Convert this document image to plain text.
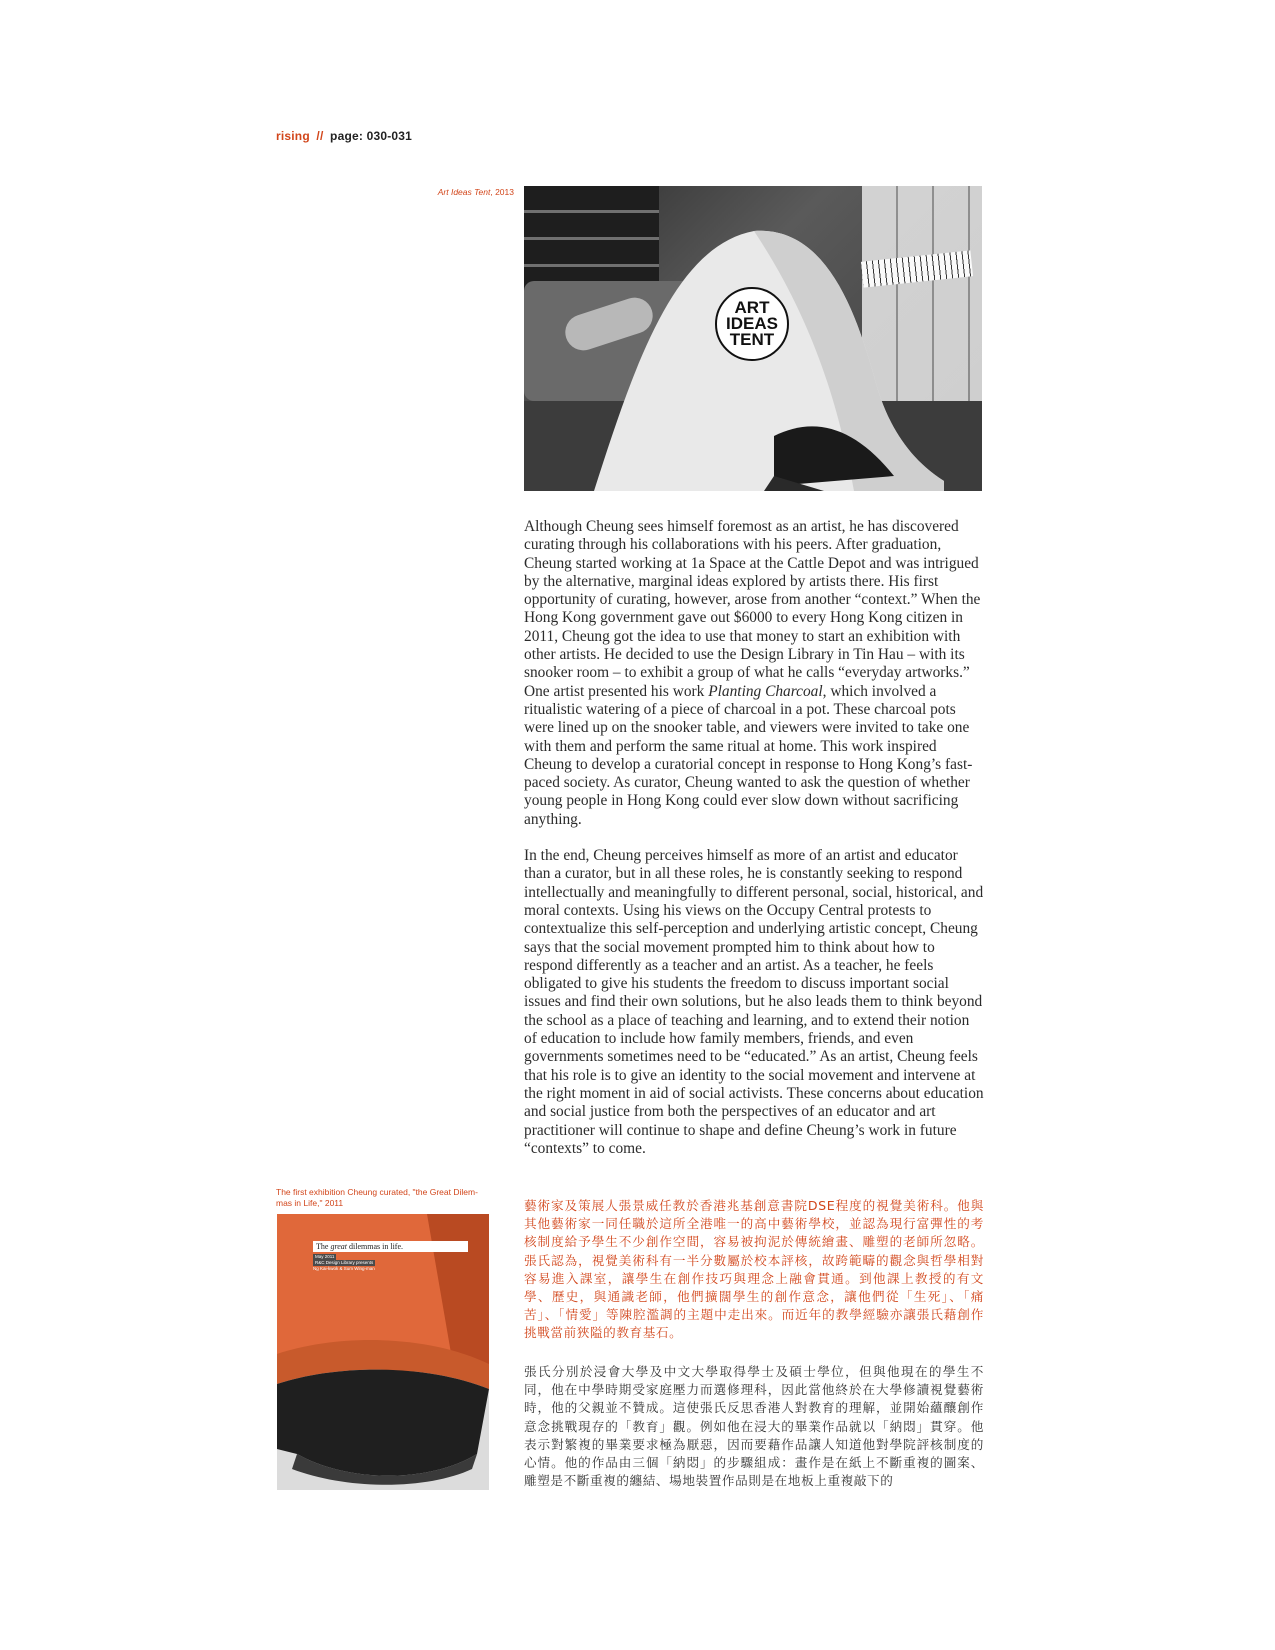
rising // page: 030-031
Art Ideas Tent, 2013
ART
IDEAS
TENT

Although Cheung sees himself foremost as an artist, he has discovered curating through his collaborations with his peers. After graduation, Cheung started working at 1a Space at the Cattle Depot and was intrigued by the alternative, marginal ideas explored by artists there. His first opportunity of curating, however, arose from another “context.” When the Hong Kong government gave out $6000 to every Hong Kong citizen in 2011, Cheung got the idea to use that money to start an exhibition with other artists. He decided to use the Design Library in Tin Hau – with its snooker room – to exhibit a group of what he calls “everyday artworks.” One artist presented his work Planting Charcoal, which involved a ritualistic watering of a piece of charcoal in a pot. These charcoal pots were lined up on the snooker table, and viewers were invited to take one with them and perform the same ritual at home. This work inspired Cheung to develop a curatorial concept in response to Hong Kong’s fast-paced society. As curator, Cheung wanted to ask the question of whether young people in Hong Kong could ever slow down without sacrificing anything.

In the end, Cheung perceives himself as more of an artist and educator than a curator, but in all these roles, he is constantly seeking to respond intellectually and meaningfully to different personal, social, historical, and moral contexts. Using his views on the Occupy Central protests to contextualize this self-perception and underlying artistic concept, Cheung says that the social movement prompted him to think about how to respond differently as a teacher and an artist. As a teacher, he feels obligated to give his students the freedom to discuss important social issues and find their own solutions, but he also leads them to think beyond the school as a place of teaching and learning, and to extend their notion of education to include how family members, friends, and even governments sometimes need to be “educated.” As an artist, Cheung feels that his role is to give an identity to the social movement and intervene at the right moment in aid of social activists. These concerns about education and social justice from both the perspectives of an educator and art practitioner will continue to shape and define Cheung’s work in future “contexts” to come.

The first exhibition Cheung curated, "the Great Dilem-mas in Life," 2011
The great dilemmas in life.
May 2011
R&C Design Library presents
Ng Kai-kwok & Sum Wing-man

藝術家及策展人張景威任教於香港兆基創意書院DSE程度的視覺美術科。他與其他藝術家一同任職於這所全港唯一的高中藝術學校，並認為現行富彈性的考核制度給予學生不少創作空間，容易被拘泥於傳統繪畫、雕塑的老師所忽略。張氏認為，視覺美術科有一半分數屬於校本評核，故跨範疇的觀念與哲學相對容易進入課室，讓學生在創作技巧與理念上融會貫通。到他課上教授的有文學、歷史，與通識老師，他們擴闊學生的創作意念，讓他們從「生死」、「痛苦」、「情愛」等陳腔濫調的主題中走出來。而近年的教學經驗亦讓張氏藉創作挑戰當前狹隘的教育基石。

張氏分別於浸會大學及中文大學取得學士及碩士學位，但與他現在的學生不同，他在中學時期受家庭壓力而選修理科，因此當他終於在大學修讀視覺藝術時，他的父親並不贊成。這使張氏反思香港人對教育的理解，並開始蘊釀創作意念挑戰現存的「教育」觀。例如他在浸大的畢業作品就以「納悶」貫穿。他表示對繁複的畢業要求極為厭惡，因而要藉作品讓人知道他對學院評核制度的心情。他的作品由三個「納悶」的步驟組成：畫作是在紙上不斷重複的圖案、雕塑是不斷重複的纏結、場地裝置作品則是在地板上重複敲下的
